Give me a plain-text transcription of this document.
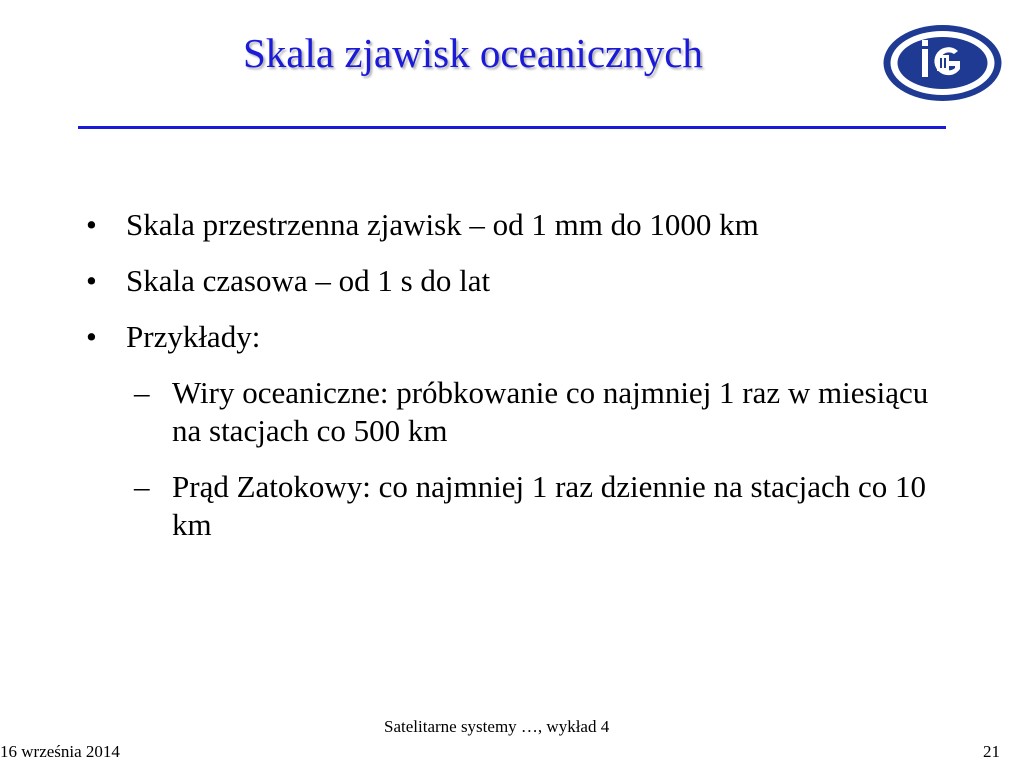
Skala zjawisk oceanicznych
• Skala przestrzenna zjawisk – od 1 mm do 1000 km
• Skala czasowa – od 1 s do lat
• Przykłady:
– Wiry oceaniczne: próbkowanie co najmniej 1 raz w miesiącu na stacjach co 500 km
– Prąd Zatokowy: co najmniej 1 raz dziennie na stacjach co 10 km
Satelitarne systemy …, wykład 4
16 września 2014	21
